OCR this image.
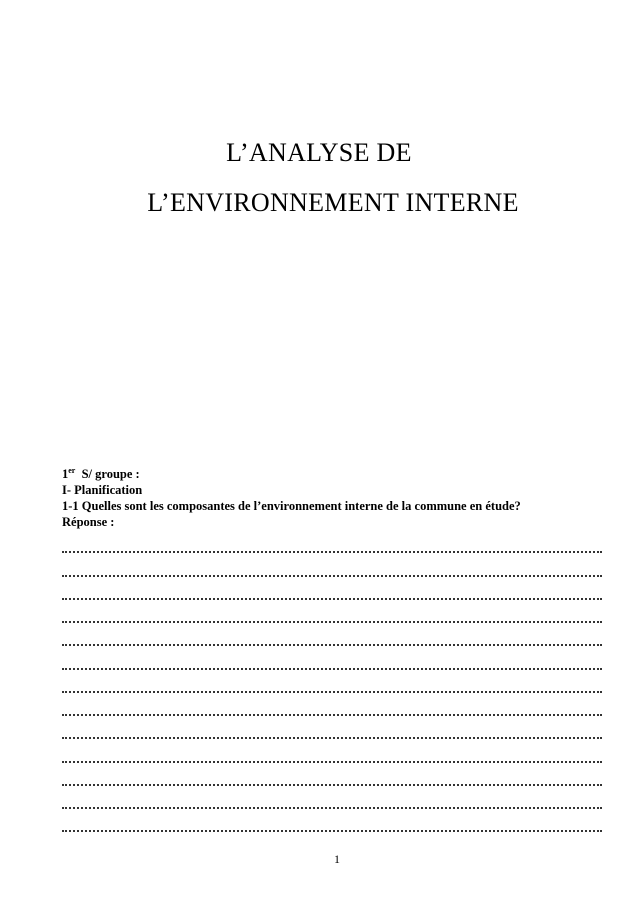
L’ANALYSE DE
L’ENVIRONNEMENT INTERNE
1er  S/ groupe :
I- Planification
1-1 Quelles sont les composantes de l’environnement interne de la commune en étude?
Réponse :
1
